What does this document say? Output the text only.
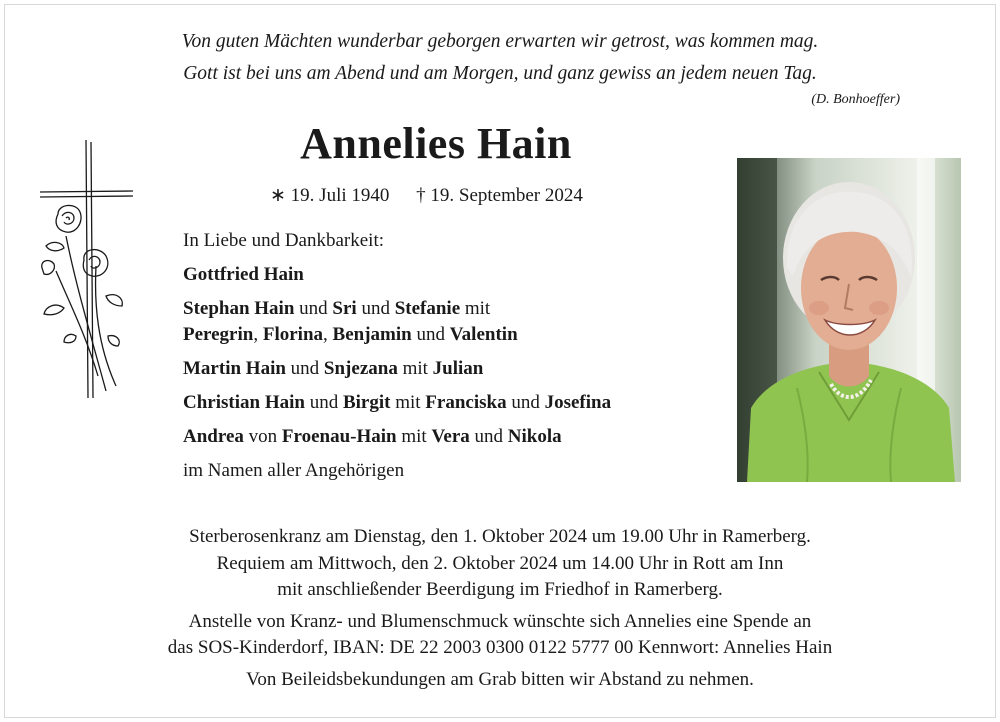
Von guten Mächten wunderbar geborgen erwarten wir getrost, was kommen mag.
Gott ist bei uns am Abend und am Morgen, und ganz gewiss an jedem neuen Tag.
(D. Bonhoeffer)
Annelies Hain
∗ 19. Juli 1940 † 19. September 2024
In Liebe und Dankbarkeit:
Gottfried Hain
Stephan Hain und Sri und Stefanie mit
Peregrin, Florina, Benjamin und Valentin
Martin Hain und Snjezana mit Julian
Christian Hain und Birgit mit Franciska und Josefina
Andrea von Froenau-Hain mit Vera und Nikola
im Namen aller Angehörigen
Sterberosenkranz am Dienstag, den 1. Oktober 2024 um 19.00 Uhr in Ramerberg.
Requiem am Mittwoch, den 2. Oktober 2024 um 14.00 Uhr in Rott am Inn
mit anschließender Beerdigung im Friedhof in Ramerberg.
Anstelle von Kranz- und Blumenschmuck wünschte sich Annelies eine Spende an
das SOS-Kinderdorf, IBAN: DE 22 2003 0300 0122 5777 00 Kennwort: Annelies Hain
Von Beileidsbekundungen am Grab bitten wir Abstand zu nehmen.
